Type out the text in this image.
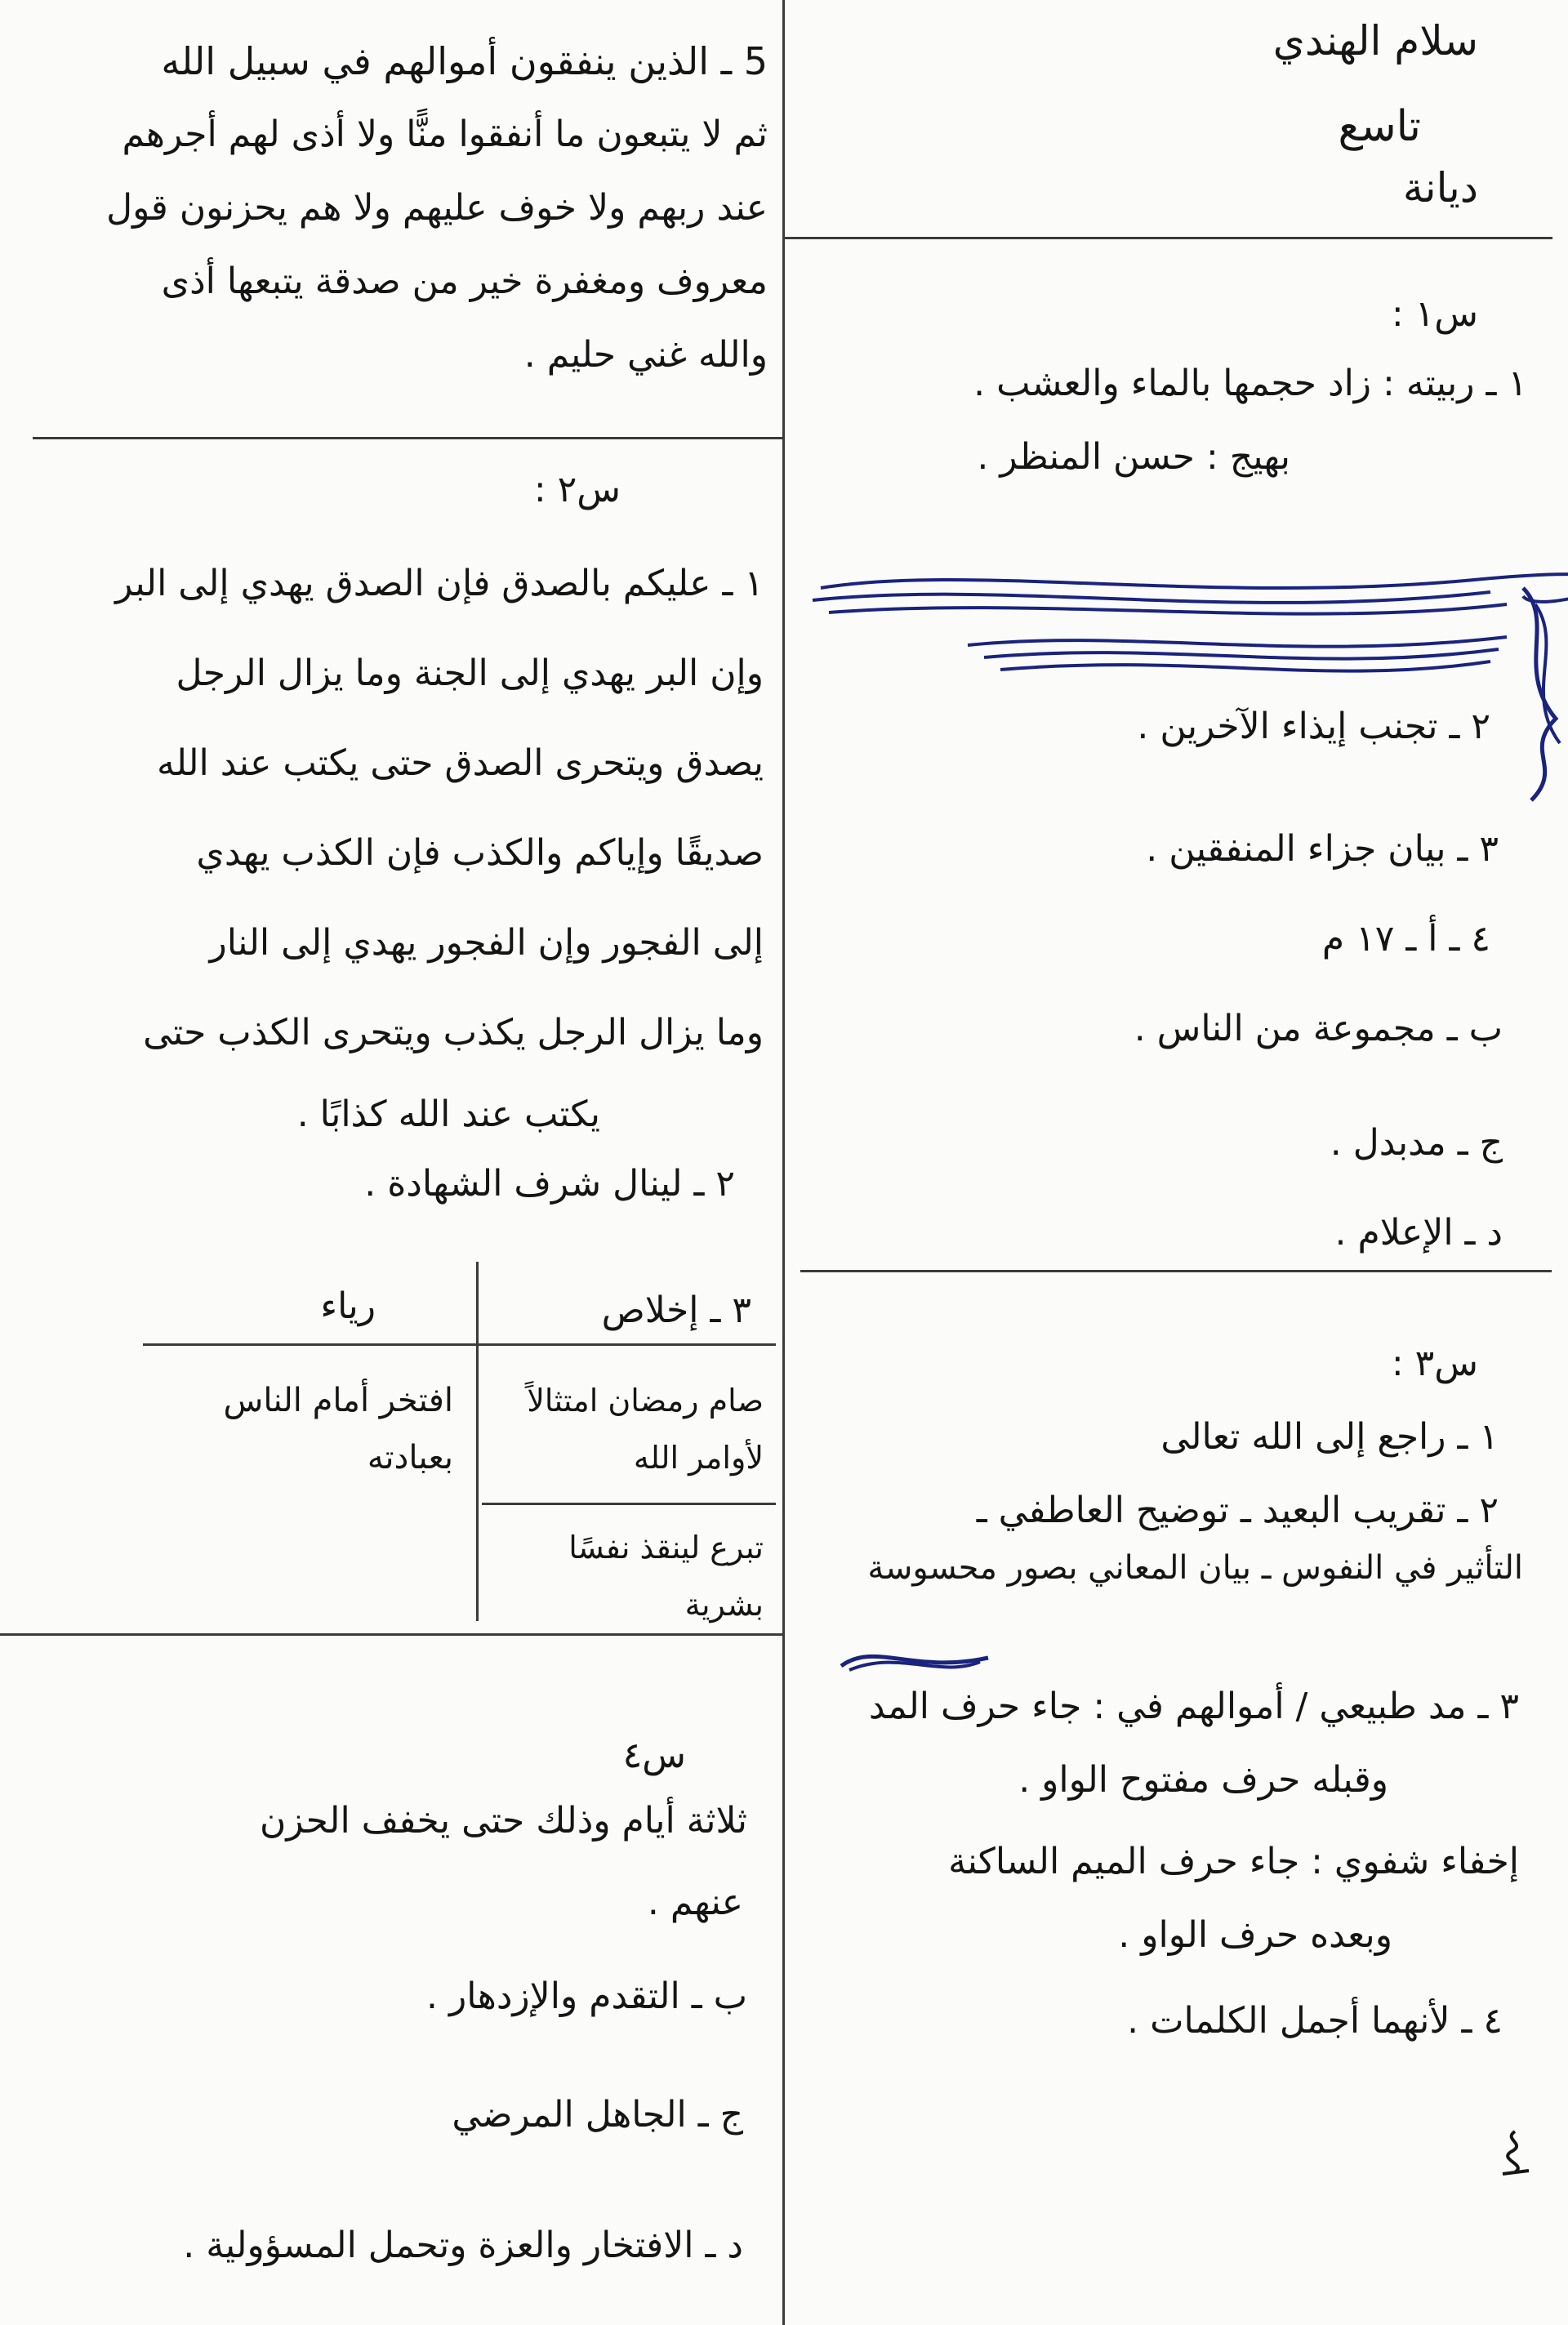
سلام الهندي
تاسع
ديانة
س١ :
١ ـ ربيته : زاد حجمها بالماء والعشب .
بهيج : حسن المنظر .
٢ ـ تجنب إيذاء الآخرين .
٣ ـ بيان جزاء المنفقين .
٤ ـ أ ـ ١٧ م
ب ـ مجموعة من الناس .
ج ـ مدبدل .
د ـ الإعلام .
س٣ :
١ ـ راجع إلى الله تعالى
٢ ـ تقريب البعيد ـ توضيح العاطفي ـ
التأثير في النفوس ـ بيان المعاني بصور محسوسة
٣ ـ مد طبيعي / أموالهم في : جاء حرف المد
وقبله حرف مفتوح الواو .
إخفاء شفوي : جاء حرف الميم الساكنة
وبعده حرف الواو .
٤ ـ لأنهما أجمل الكلمات .
5 ـ الذين ينفقون أموالهم في سبيل الله
ثم لا يتبعون ما أنفقوا منًّا ولا أذى لهم أجرهم
عند ربهم ولا خوف عليهم ولا هم يحزنون قول
معروف ومغفرة خير من صدقة يتبعها أذى
والله غني حليم .
س٢ :
١ ـ عليكم بالصدق فإن الصدق يهدي إلى البر
وإن البر يهدي إلى الجنة وما يزال الرجل
يصدق ويتحرى الصدق حتى يكتب عند الله
صديقًا وإياكم والكذب فإن الكذب يهدي
إلى الفجور وإن الفجور يهدي إلى النار
وما يزال الرجل يكذب ويتحرى الكذب حتى
يكتب عند الله كذابًا .
٢ ـ لينال شرف الشهادة .
٣ ـ إخلاص
رياء
صام رمضان امتثالاً لأوامر الله
تبرع لينقذ نفسًا بشرية
افتخر أمام الناس بعبادته
س٤
ثلاثة أيام وذلك حتى يخفف الحزن
عنهم .
ب ـ التقدم والإزدهار .
ج ـ الجاهل المرضي
د ـ الافتخار والعزة وتحمل المسؤولية .
